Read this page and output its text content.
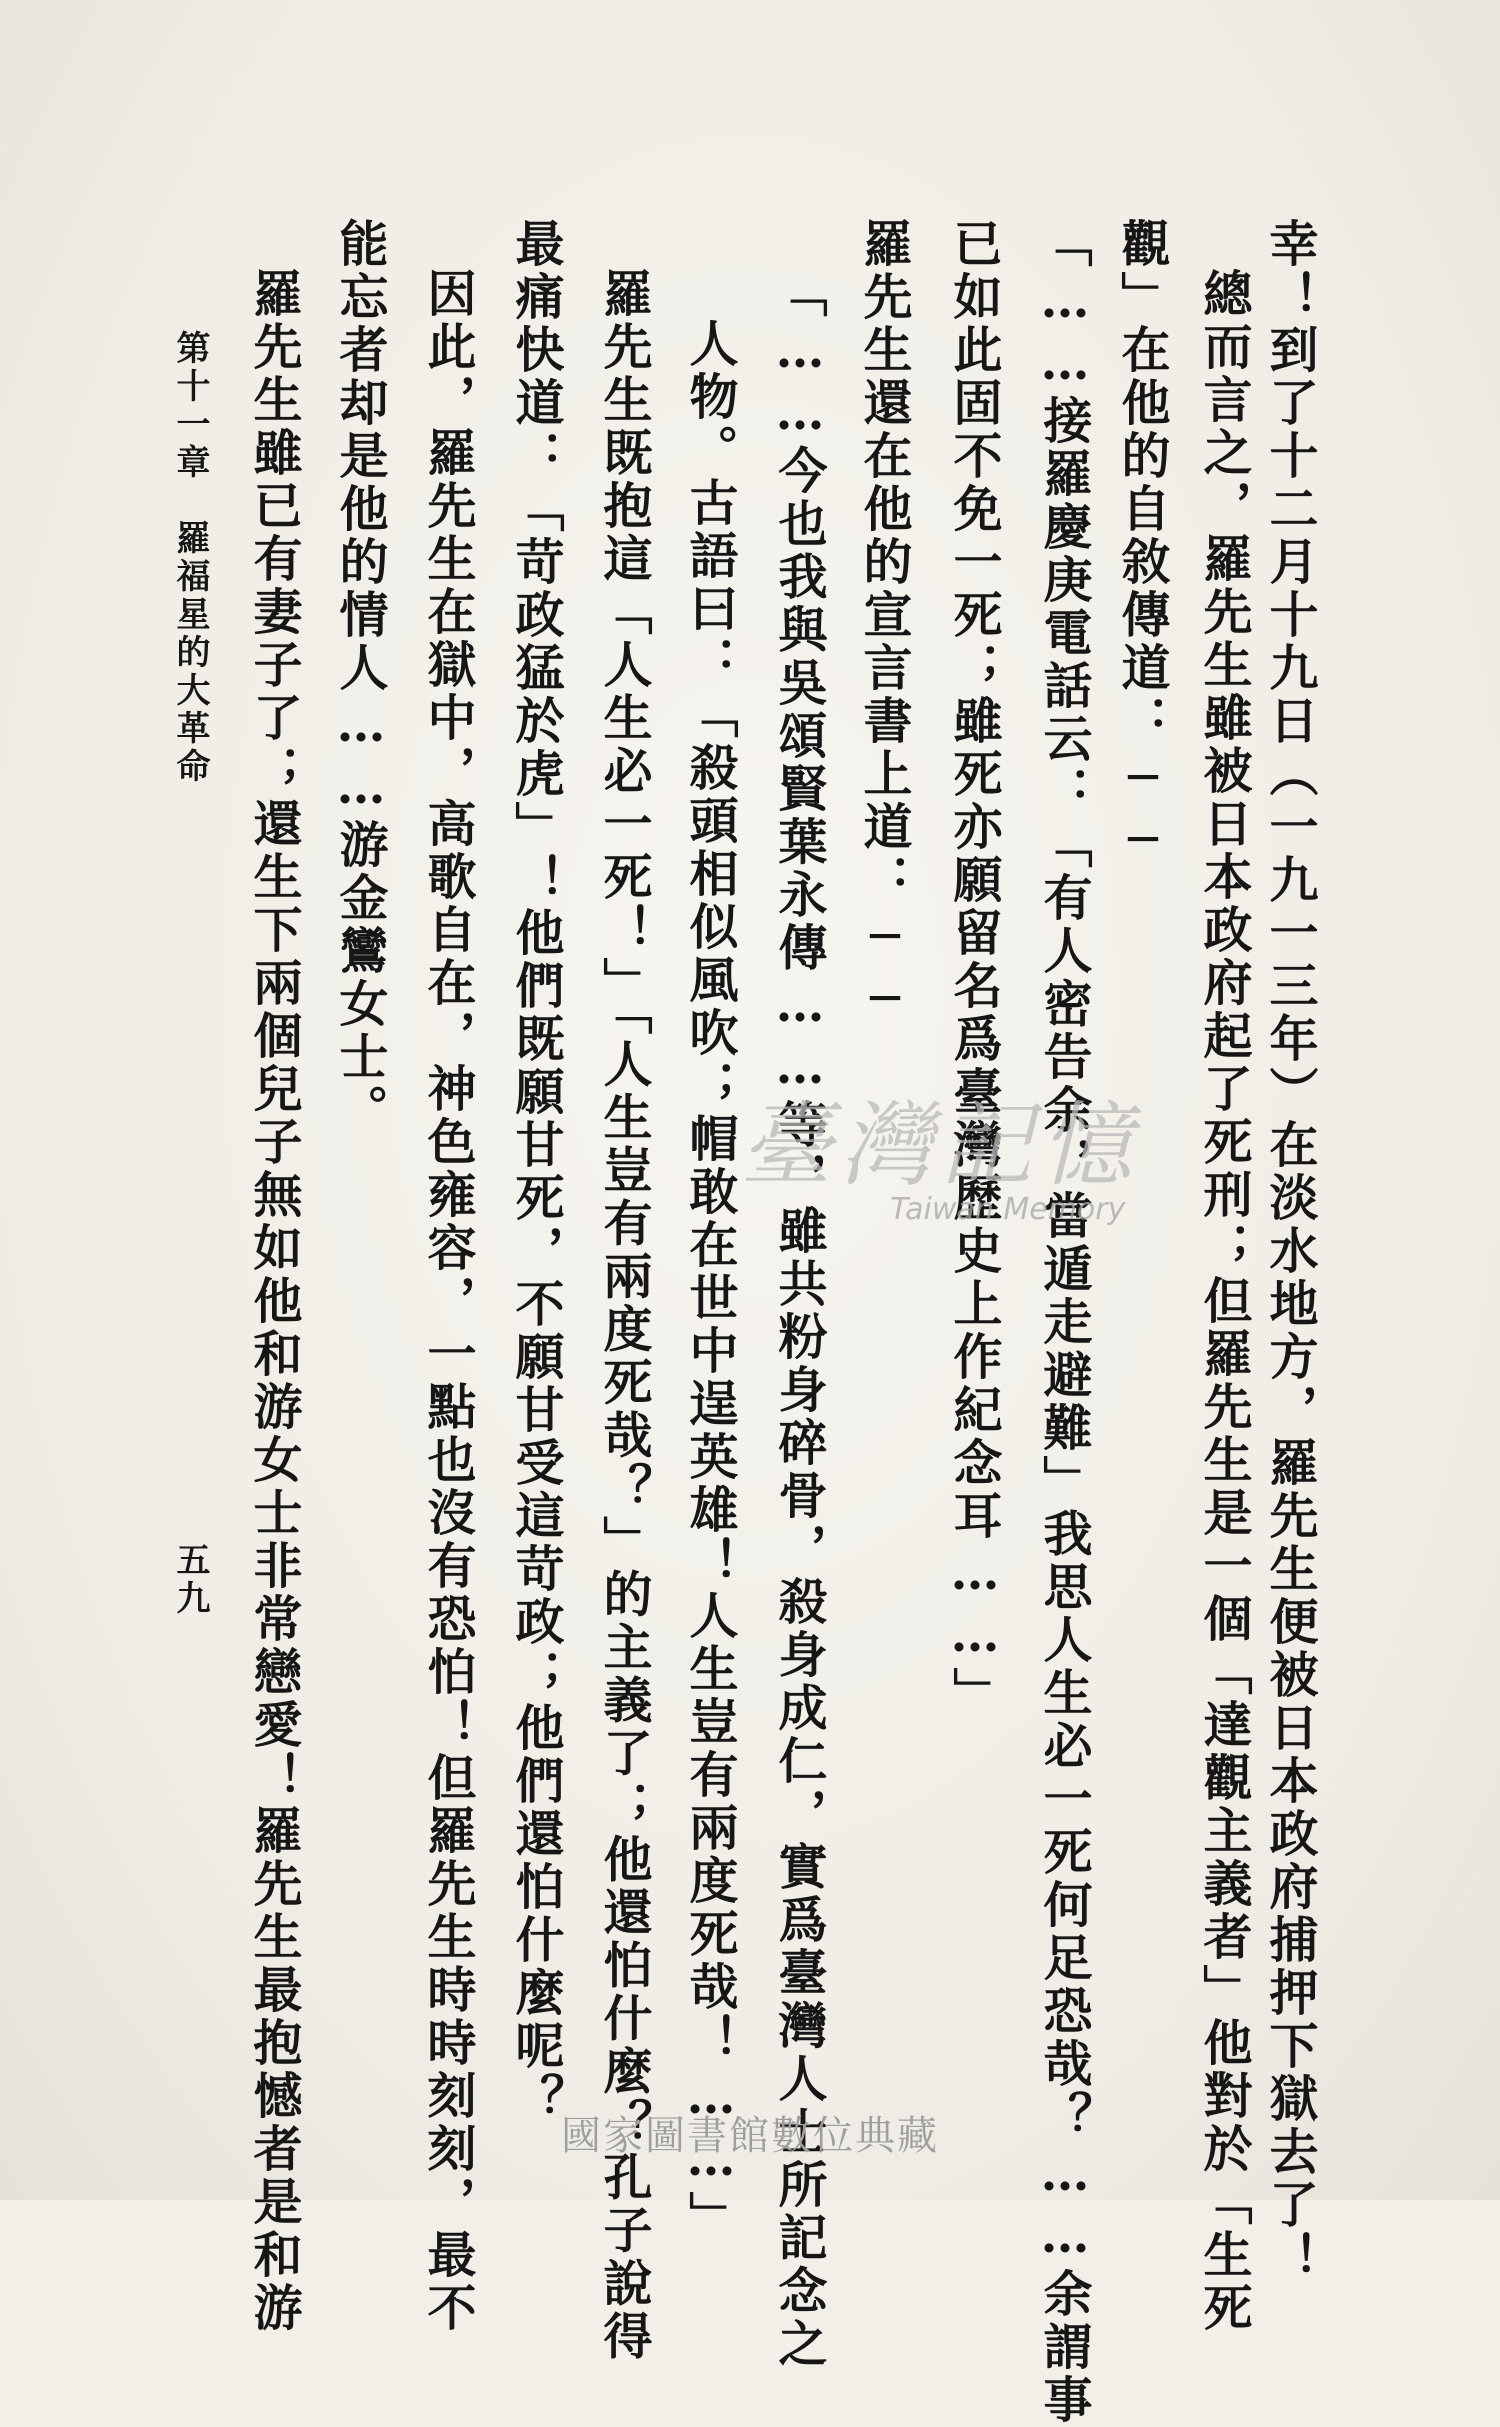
幸！到了十二月十九日（一九一三年）在淡水地方，羅先生便被日本政府捕押下獄去了！
總而言之，羅先生雖被日本政府起了死刑；但羅先生是一個「達觀主義者」他對於「生死
觀」在他的自敘傳道：──
「……接羅慶庚電話云：「有人密告余，當遁走避難」我思人生必一死何足恐哉？……余謂事
已如此固不免一死；雖死亦願留名爲臺灣歷史上作紀念耳……」
羅先生還在他的宣言書上道：──
「……今也我與吳頌賢葉永傳……等，雖共粉身碎骨，殺身成仁，實爲臺灣人士所記念之
人物。古語曰：「殺頭相似風吹；帽敢在世中逞英雄！人生豈有兩度死哉！……」
羅先生既抱這「人生必一死！」「人生豈有兩度死哉？」的主義了；他還怕什麼？孔子說得
最痛快道：「苛政猛於虎」！他們既願甘死，不願甘受這苛政；他們還怕什麼呢？
因此，羅先生在獄中，高歌自在，神色雍容，一點也沒有恐怕！但羅先生時時刻刻，最不
能忘者却是他的情人……游金鸞女士。
羅先生雖已有妻子了；還生下兩個兒子無如他和游女士非常戀愛！羅先生最抱憾者是和游
第十一章　羅福星的大革命
五九
臺灣記憶
Taiwan Memory
國家圖書館數位典藏
